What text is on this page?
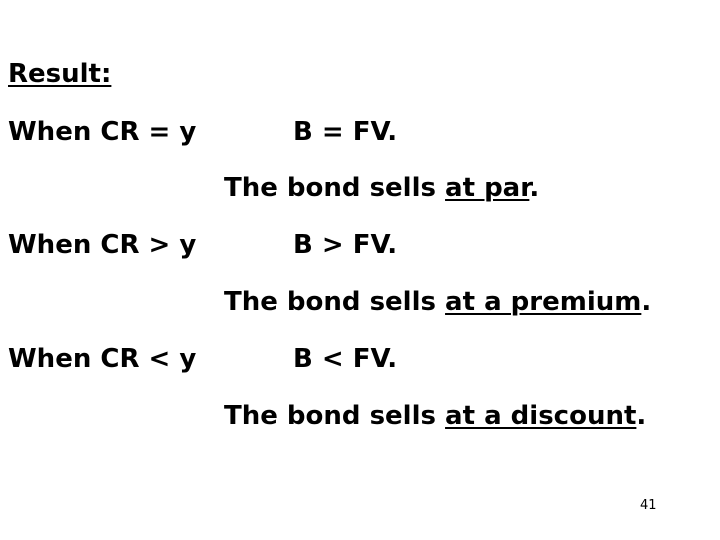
Result:
When CR = y	B = FV.
The bond sells at par.
When CR > y	B > FV.
The bond sells at a premium.
When CR < y	B < FV.
The bond sells at a discount.
41
